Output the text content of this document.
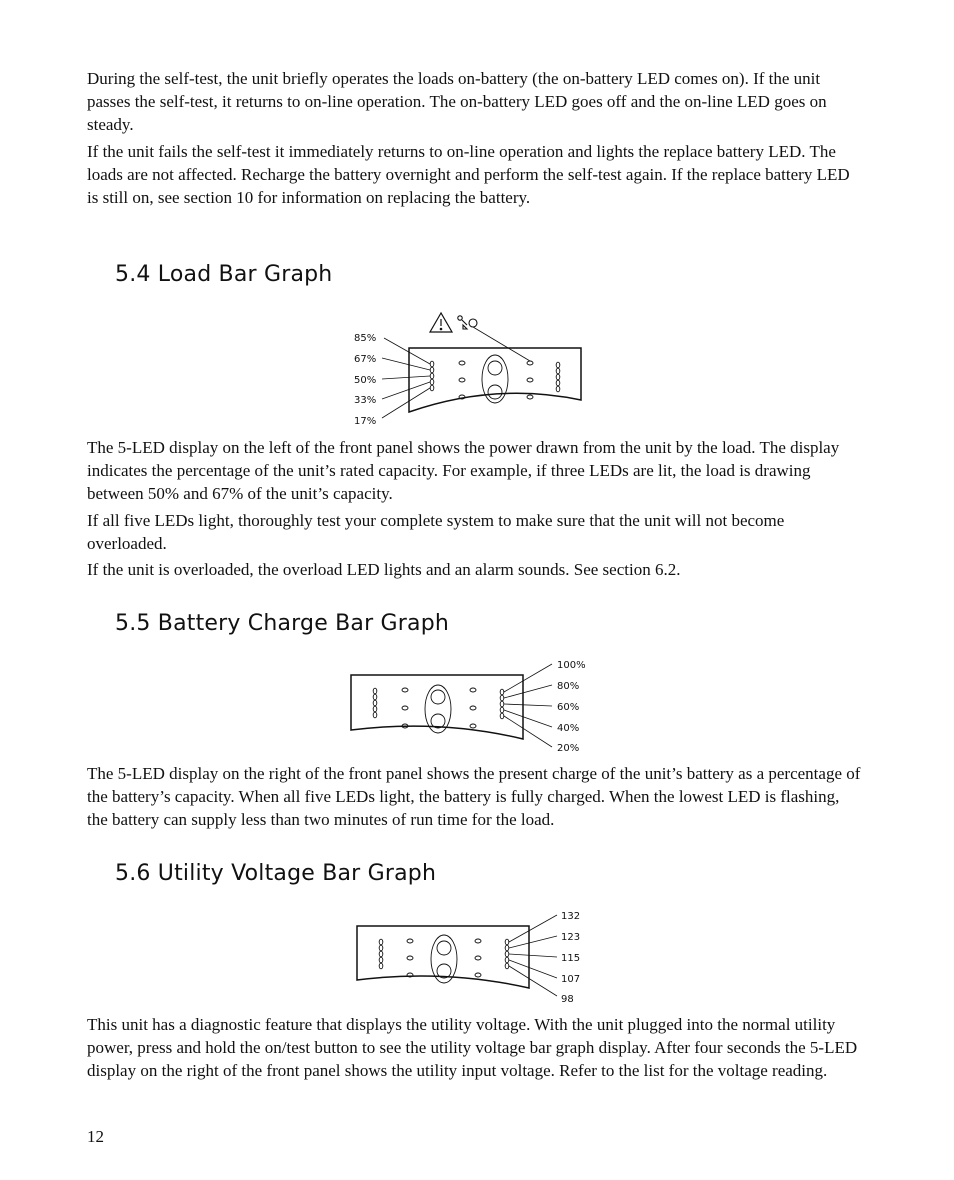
During the self-test, the unit briefly operates the loads on-battery (the on-battery LED comes on). If the unit passes the self-test, it returns to on-line operation. The on-battery LED goes off and the on-line LED goes on steady.

If the unit fails the self-test it immediately returns to on-line operation and lights the replace battery LED. The loads are not affected. Recharge the battery overnight and perform the self-test again. If the replace battery LED is still on, see section 10 for information on replacing the battery.

5.4 Load Bar Graph
85%
67%
50%
33%
17%

The 5-LED display on the left of the front panel shows the power drawn from the unit by the load. The display indicates the percentage of the unit’s rated capacity. For example, if three LEDs are lit, the load is drawing between 50% and 67% of the unit’s capacity.

If all five LEDs light, thoroughly test your complete system to make sure that the unit will not become overloaded.

If the unit is overloaded, the overload LED lights and an alarm sounds. See section 6.2.

5.5 Battery Charge Bar Graph
100%
80%
60%
40%
20%

The 5-LED display on the right of the front panel shows the present charge of the unit’s battery as a percentage of the battery’s capacity. When all five LEDs light, the battery is fully charged. When the lowest LED is flashing, the battery can supply less than two minutes of run time for the load.

5.6 Utility Voltage Bar Graph
132
123
115
107
98

This unit has a diagnostic feature that displays the utility voltage. With the unit plugged into the normal utility power, press and hold the on/test button to see the utility voltage bar graph display. After four seconds the 5-LED display on the right of the front panel shows the utility input voltage. Refer to the list for the voltage reading.

12
